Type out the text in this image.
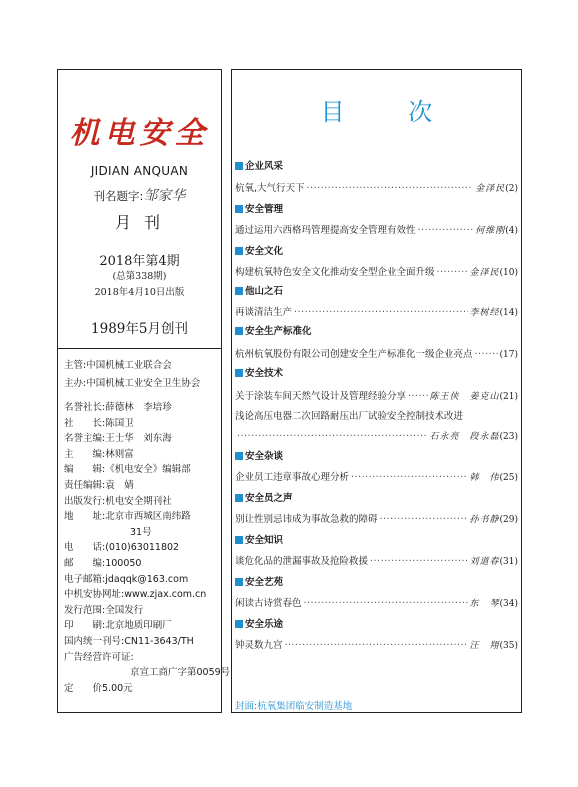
机电安全
JIDIAN ANQUAN
刊名题字:邹家华
月 刊
2018年第4期
(总第338期)
2018年4月10日出版
1989年5月创刊
主管:中国机械工业联合会
主办:中国机械工业安全卫生协会
名誉社长: 薛德林　李培珍
社　　长: 陈国卫
名誉主编: 王士华　刘东海
主　　编: 林则富
编　　辑: 《机电安全》编辑部
责任编辑: 袁　婧
出版发行: 机电安全期刊社
地　　址: 北京市西城区南纬路
31号
电　　话: (010)63011802
邮　　编: 100050
电子邮箱: jdaqqk@163.com
中机安协网址: www.zjax.com.cn
发行范围: 全国发行
印　　刷: 北京地质印刷厂
国内统一刊号: CN11-3643/TH
广告经营许可证:
京宣工商广字第0059号
定　　价 5.00元
目 次
企业风采
杭氧,大气行天下 ·····	金泽民 (2)
安全管理
通过运用六西格玛管理提高安全管理有效性 ·····	何维刚 (4)
安全文化
构建杭氧特色安全文化推动安全型企业全面升级 ·····	金泽民 (10)
他山之石
再谈清洁生产 ·····	李树经 (14)
安全生产标准化
杭州杭氧股份有限公司创建安全生产标准化一级企业亮点 ·····	(17)
安全技术
关于涂装车间天然气设计及管理经验分享 ·····	陈王侠　姜克山 (21)
浅论高压电器二次回路耐压出厂试验安全控制技术改进
·····
石永亮　段永磊 (23)
安全杂谈
企业员工违章事故心理分析 ·····	韩　伟 (25)
安全员之声
别让性别忌讳成为事故急救的障碍 ·····	孙书静 (29)
安全知识
谈危化品的泄漏事故及抢险救援 ·····	刘道春 (31)
安全艺苑
闲读古诗赏春色 ·····	东　琴 (34)
安全乐途
钟灵数九宫 ·····	汪　翔 (35)
封面:杭氧集团临安制造基地
